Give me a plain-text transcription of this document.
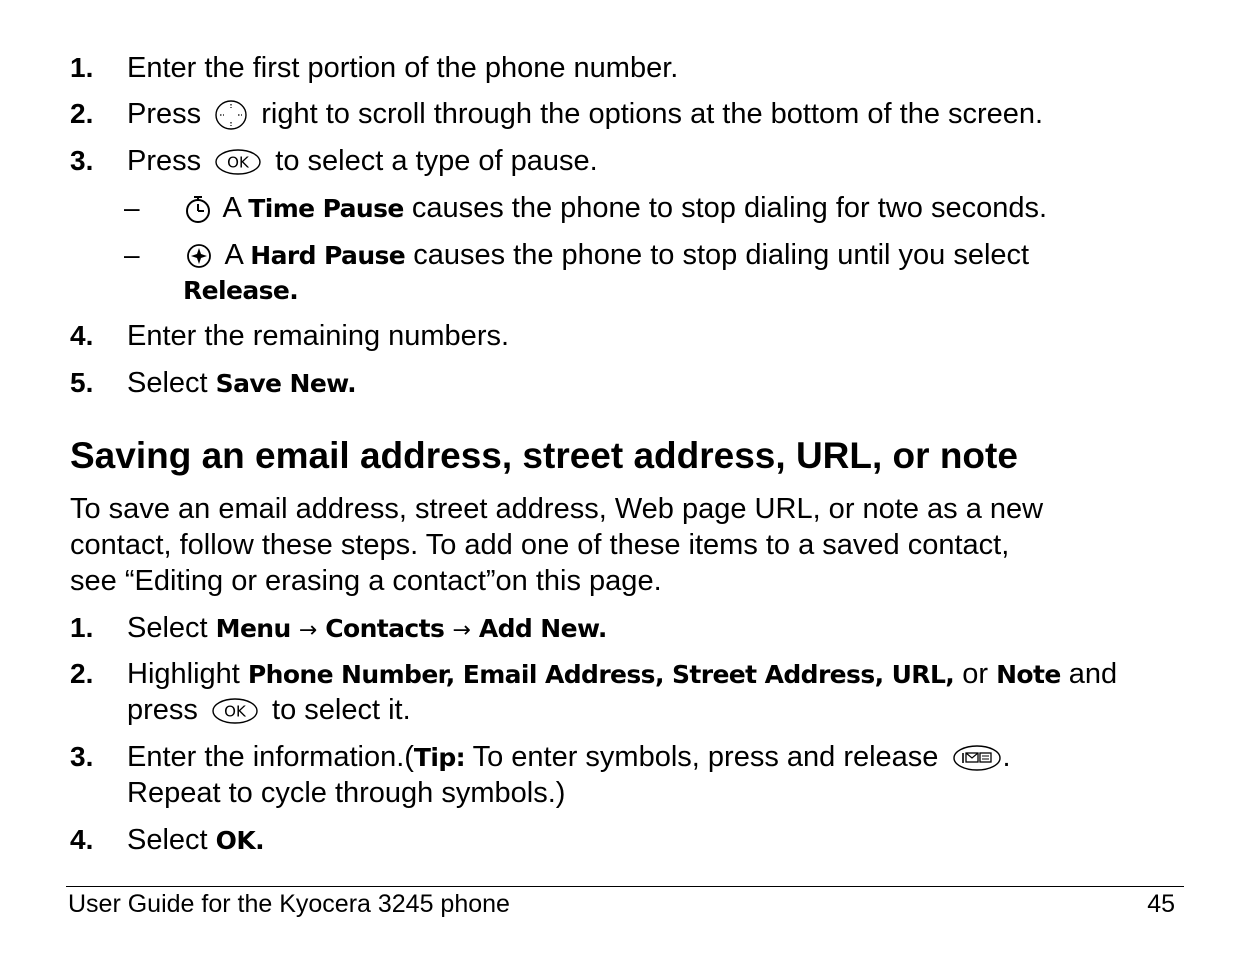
1. Enter the first portion of the phone number.
2. Press right to scroll through the options at the bottom of the screen.
3. Press OK to select a type of pause.
–	A Time Pause causes the phone to stop dialing for two seconds.
–	A Hard Pause causes the phone to stop dialing until you select
Release.
4. Enter the remaining numbers.
5. Select Save New.
Saving an email address, street address, URL, or note
To save an email address, street address, Web page URL, or note as a new
contact, follow these steps. To add one of these items to a saved contact,
see “Editing or erasing a contact”on this page.
1. Select Menu → Contacts → Add New.
2. Highlight Phone Number, Email Address, Street Address, URL, or Note and
press OK to select it.
3. Enter the information.(Tip: To enter symbols, press and release .
Repeat to cycle through symbols.)
4. Select OK.
User Guide for the Kyocera 3245 phone	45
